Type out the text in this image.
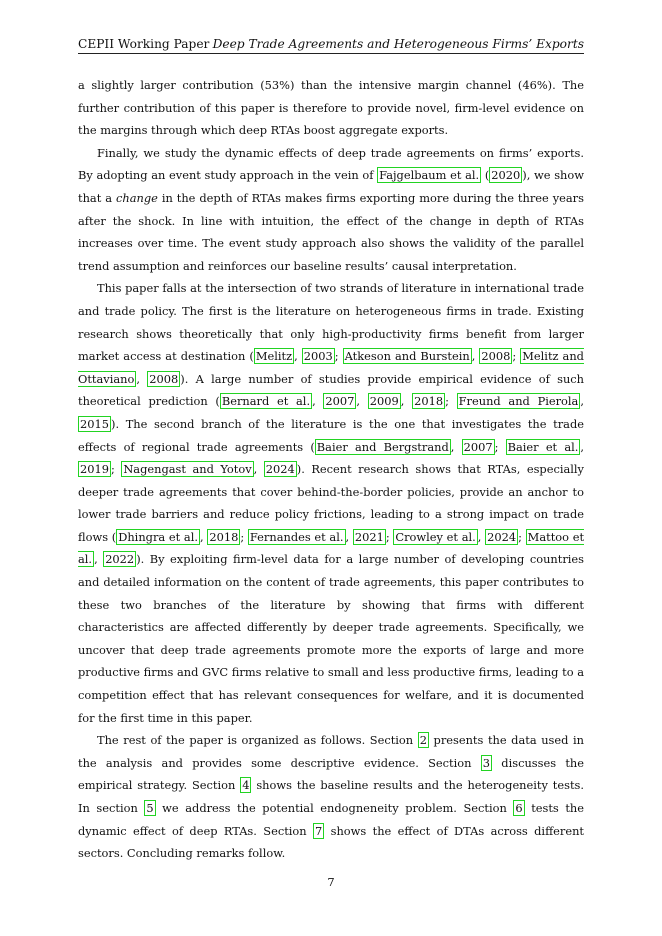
CEPII Working Paper Deep Trade Agreements and Heterogeneous Firms’ Exports

a slightly larger contribution (53%) than the intensive margin channel (46%). The further contribution of this paper is therefore to provide novel, firm-level evidence on the margins through which deep RTAs boost aggregate exports.

Finally, we study the dynamic effects of deep trade agreements on firms’ exports. By adopting an event study approach in the vein of Fajgelbaum et al. ( 2020 ), we show that a change in the depth of RTAs makes firms exporting more during the three years after the shock. In line with intuition, the effect of the change in depth of RTAs increases over time. The event study approach also shows the validity of the parallel trend assumption and reinforces our baseline results’ causal interpretation.

This paper falls at the intersection of two strands of literature in international trade and trade policy. The first is the literature on heterogeneous firms in trade. Existing research shows theoretically that only high-productivity firms benefit from larger market access at destination ( Melitz , 2003 ; Atkeson and Burstein , 2008 ; Melitz and Ottaviano , 2008 ). A large number of studies provide empirical evidence of such theoretical prediction ( Bernard et al. , 2007 , 2009 , 2018 ; Freund and Pierola , 2015 ). The second branch of the literature is the one that investigates the trade effects of regional trade agreements ( Baier and Bergstrand , 2007 ; Baier et al. , 2019 ; Nagengast and Yotov , 2024 ). Recent research shows that RTAs, especially deeper trade agreements that cover behind-the-border policies, provide an anchor to lower trade barriers and reduce policy frictions, leading to a strong impact on trade flows ( Dhingra et al. , 2018 ; Fernandes et al. , 2021 ; Crowley et al. , 2024 ; Mattoo et al. , 2022 ). By exploiting firm-level data for a large number of developing countries and detailed information on the content of trade agreements, this paper contributes to these two branches of the literature by showing that firms with different characteristics are affected differently by deeper trade agreements. Specifically, we uncover that deep trade agreements promote more the exports of large and more productive firms and GVC firms relative to small and less productive firms, leading to a competition effect that has relevant consequences for welfare, and it is documented for the first time in this paper.

The rest of the paper is organized as follows. Section 2 presents the data used in the analysis and provides some descriptive evidence. Section 3 discusses the empirical strategy. Section 4 shows the baseline results and the heterogeneity tests. In section 5 we address the potential endogneneity problem. Section 6 tests the dynamic effect of deep RTAs. Section 7 shows the effect of DTAs across different sectors. Concluding remarks follow.

7
